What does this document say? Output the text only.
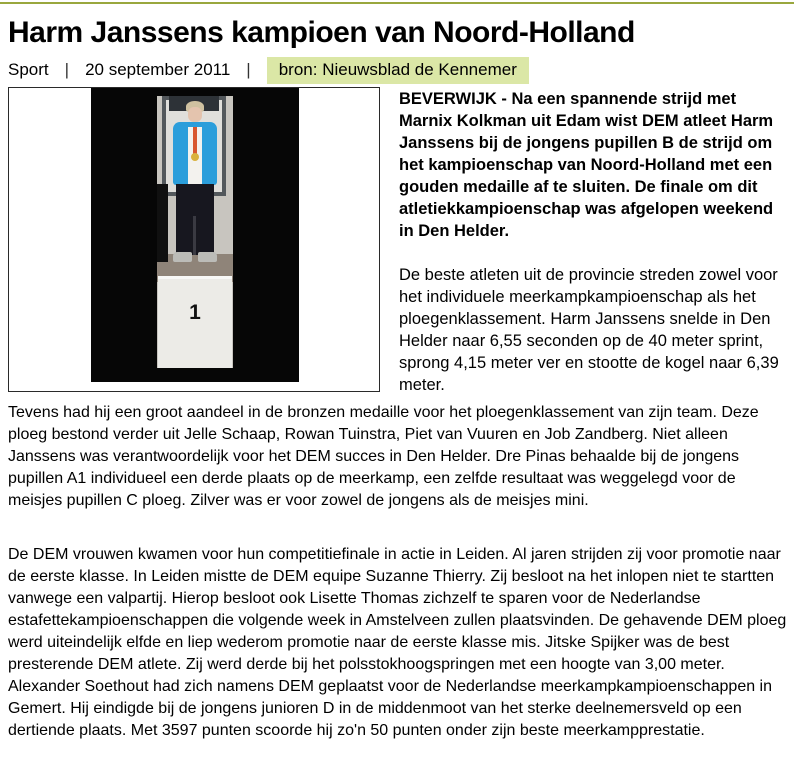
Harm Janssens kampioen van Noord-Holland
Sport | 20 september 2011 |	bron: Nieuwsblad de Kennemer
1

BEVERWIJK - Na een spannende strijd met Marnix Kolkman uit Edam wist DEM atleet Harm Janssens bij de jongens pupillen B de strijd om het kampioenschap van Noord-Holland met een gouden medaille af te sluiten. De finale om dit atletiekkampioenschap was afgelopen weekend in Den Helder.

De beste atleten uit de provincie streden zowel voor het individuele meerkampkampioenschap als het ploegenklassement. Harm Janssens snelde in Den Helder naar 6,55 seconden op de 40 meter sprint, sprong 4,15 meter ver en stootte de kogel naar 6,39 meter.

Tevens had hij een groot aandeel in de bronzen medaille voor het ploegenklassement van zijn team. Deze ploeg bestond verder uit Jelle Schaap, Rowan Tuinstra, Piet van Vuuren en Job Zandberg. Niet alleen Janssens was verantwoordelijk voor het DEM succes in Den Helder. Dre Pinas behaalde bij de jongens pupillen A1 individueel een derde plaats op de meerkamp, een zelfde resultaat was weggelegd voor de meisjes pupillen C ploeg. Zilver was er voor zowel de jongens als de meisjes mini.

De DEM vrouwen kwamen voor hun competitiefinale in actie in Leiden. Al jaren strijden zij voor promotie naar de eerste klasse. In Leiden mistte de DEM equipe Suzanne Thierry. Zij besloot na het inlopen niet te startten vanwege een valpartij. Hierop besloot ook Lisette Thomas zichzelf te sparen voor de Nederlandse estafettekampioenschappen die volgende week in Amstelveen zullen plaatsvinden. De gehavende DEM ploeg werd uiteindelijk elfde en liep wederom promotie naar de eerste klasse mis. Jitske Spijker was de best presterende DEM atlete. Zij werd derde bij het polsstokhoogspringen met een hoogte van 3,00 meter. Alexander Soethout had zich namens DEM geplaatst voor de Nederlandse meerkampkampioenschappen in Gemert. Hij eindigde bij de jongens junioren D in de middenmoot van het sterke deelnemersveld op een dertiende plaats. Met 3597 punten scoorde hij zo'n 50 punten onder zijn beste meerkampprestatie.
